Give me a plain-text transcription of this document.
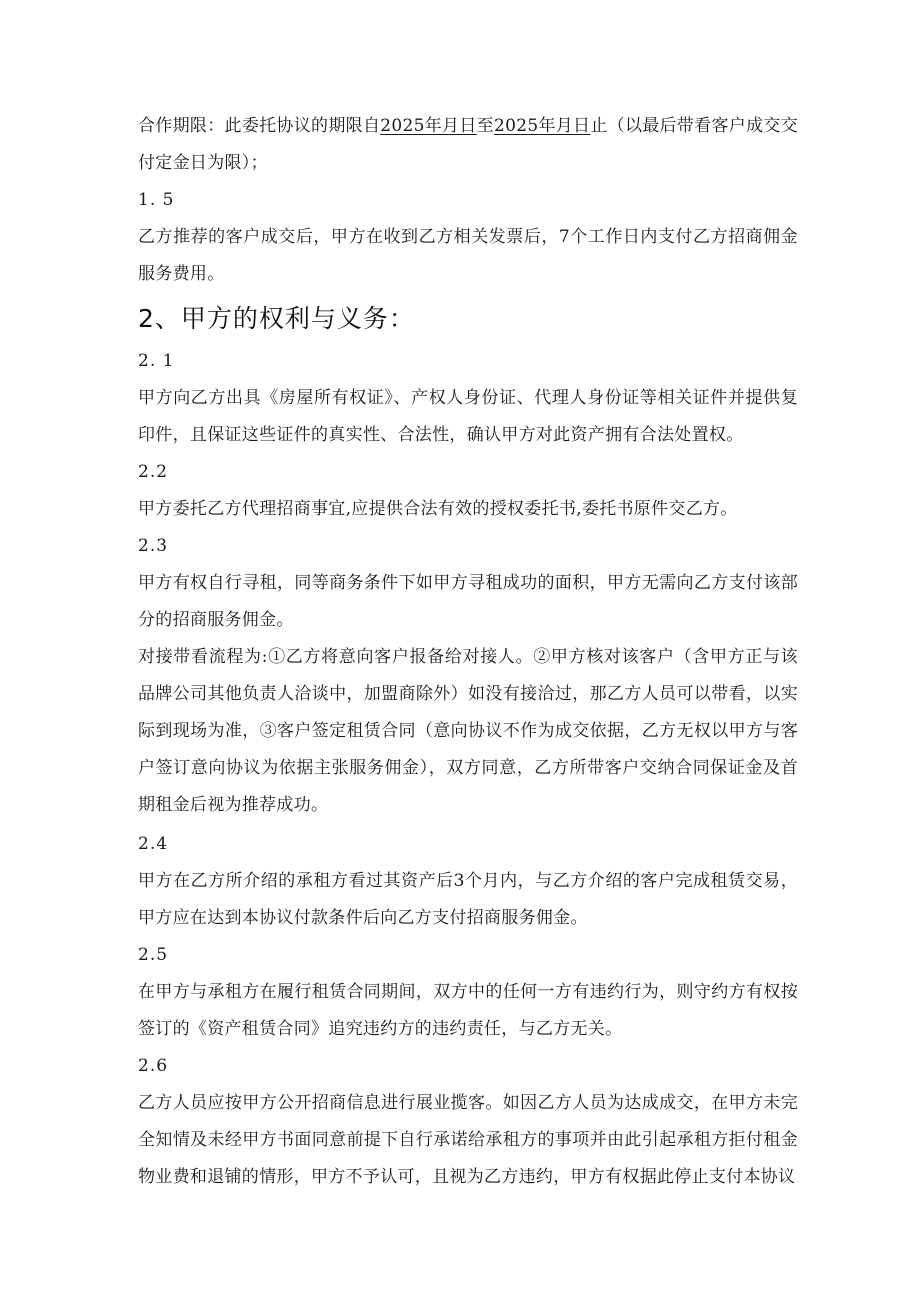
合作期限：此委托协议的期限自2025年月日至2025年月日止（以最后带看客户成交交付定金日为限）；

1. 5

乙方推荐的客户成交后，甲方在收到乙方相关发票后，7个工作日内支付乙方招商佣金服务费用。

2、甲方的权利与义务：
2. 1

甲方向乙方出具《房屋所有权证》、产权人身份证、代理人身份证等相关证件并提供复印件，且保证这些证件的真实性、合法性，确认甲方对此资产拥有合法处置权。

2.2

甲方委托乙方代理招商事宜,应提供合法有效的授权委托书,委托书原件交乙方。

2.3

甲方有权自行寻租，同等商务条件下如甲方寻租成功的面积，甲方无需向乙方支付该部分的招商服务佣金。

对接带看流程为:①乙方将意向客户报备给对接人。②甲方核对该客户（含甲方正与该品牌公司其他负责人洽谈中，加盟商除外）如没有接洽过，那乙方人员可以带看，以实际到现场为准，③客户签定租赁合同（意向协议不作为成交依据，乙方无权以甲方与客户签订意向协议为依据主张服务佣金），双方同意，乙方所带客户交纳合同保证金及首期租金后视为推荐成功。

2.4

甲方在乙方所介绍的承租方看过其资产后3个月内，与乙方介绍的客户完成租赁交易，甲方应在达到本协议付款条件后向乙方支付招商服务佣金。

2.5

在甲方与承租方在履行租赁合同期间，双方中的任何一方有违约行为，则守约方有权按签订的《资产租赁合同》追究违约方的违约责任，与乙方无关。

2.6

乙方人员应按甲方公开招商信息进行展业揽客。如因乙方人员为达成成交，在甲方未完全知情及未经甲方书面同意前提下自行承诺给承租方的事项并由此引起承租方拒付租金物业费和退铺的情形，甲方不予认可，且视为乙方违约，甲方有权据此停止支付本协议
